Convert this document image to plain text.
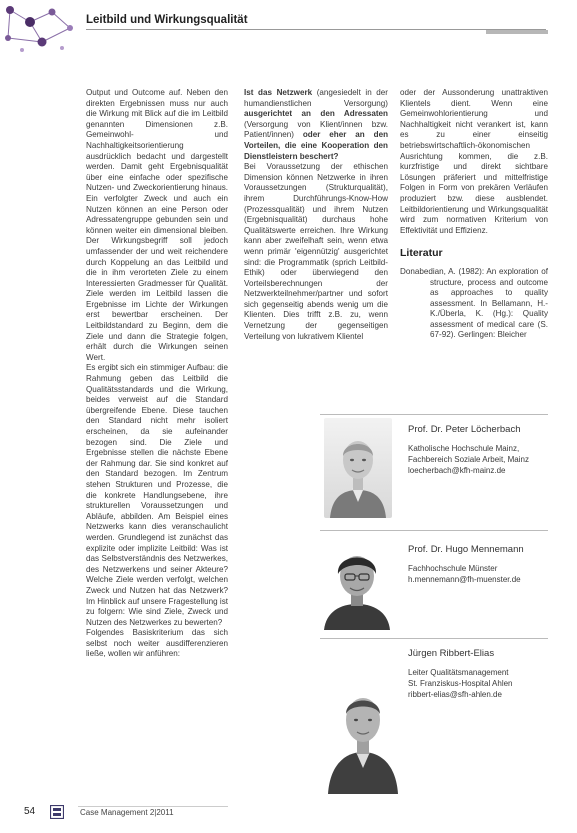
Leitbild und Wirkungsqualität

Output und Outcome auf. Neben den direkten Ergebnissen muss nur auch die Wirkung mit Blick auf die im Leitbild genannten Dimensionen z.B. Gemeinwohl- und Nachhaltigkeitsorientierung ausdrücklich bedacht und dargestellt werden. Damit geht Ergebnisqualität über eine einfache oder spezifische Nutzen- und Zweckorientierung hinaus. Ein verfolgter Zweck und auch ein Nutzen können an eine Person oder Adressatengruppe gebunden sein und können weiter ein dimensional bleiben. Der Wirkungsbegriff soll jedoch umfassender der und weit reichendere durch Koppelung an das Leitbild und die in ihm verorteten Ziele zu einem Interessierten Gradmesser für Qualität. Ziele werden im Leitbild lassen die Ergebnisse im Lichte der Wirkungen erst bewertbar erscheinen. Der Leitbildstandard zu Beginn, dem die Ziele und dann die Strategie folgen, erhält durch die Wirkungen seinen Wert.

Es ergibt sich ein stimmiger Aufbau: die Rahmung geben das Leitbild die Qualitätsstandards und die Wirkung, beides verweist auf die Standard übergreifende Ebene. Diese tauchen den Standard nicht mehr isoliert erscheinen, da sie aufeinander bezogen sind. Die Ziele und Ergebnisse stellen die nächste Ebene der Rahmung dar. Sie sind konkret auf den Standard bezogen. Im Zentrum stehen Strukturen und Prozesse, die die konkrete Handlungsebene, ihre strukturellen Voraussetzungen und Abläufe, abbilden. Am Beispiel eines Netzwerks kann dies veranschaulicht werden. Grundlegend ist zunächst das explizite oder implizite Leitbild: Was ist das Selbstverständnis des Netzwerkes, des Netzwerkens und seiner Akteure? Welche Ziele werden verfolgt, welchen Zweck und Nutzen hat das Netzwerk? Im Hinblick auf unsere Fragestellung ist zu folgern: Wie sind Ziele, Zweck und Nutzen des Netzwerkes zu bewerten?

Folgendes Basiskriterium das sich selbst noch weiter ausdifferenzieren ließe, wollen wir anführen:

Ist das Netzwerk (angesiedelt in der humandienstlichen Versorgung) ausgerichtet an den Adressaten (Versorgung von Klient/innen bzw. Patient/innen) oder eher an den Vorteilen, die eine Kooperation den Dienstleistern beschert?

Bei Voraussetzung der ethischen Dimension können Netzwerke in ihren Voraussetzungen (Strukturqualität), ihrem Durchführungs-Know-How (Prozessqualität) und ihrem Nutzen (Ergebnisqualität) durchaus hohe Qualitätswerte erreichen. Ihre Wirkung kann aber zweifelhaft sein, wenn etwa wenn primär 'eigennützig' ausgerichtet sind: die Programmatik (sprich Leitbild-Ethik) oder überwiegend den Vorteilsberechnungen der Netzwerkteilnehmer/partner und sofort sich gegenseitig abends wenig um die Klienten. Dies trifft z.B. zu, wenn Vernetzung der gegenseitigen Verteilung von lukrativem Klientel

oder der Aussonderung unattraktiven Klientels dient. Wenn eine Gemeinwohlorientierung und Nachhaltigkeit nicht verankert ist, kann es zu einer einseitig betriebswirtschaftlich-ökonomischen Ausrichtung kommen, die z.B. kurzfristige und direkt sichtbare Lösungen präferiert und mittelfristige Folgen in Form von prekären Verläufen produziert bzw. diese ausblendet. Leitbildorientierung und Wirkungsqualität wird zum normativen Kriterium von Effektivität und Effizienz.

Literatur

Donabedian, A. (1982): An exploration of structure, process and outcome as approaches to quality assessment. In Bellamann, H.-K./Überla, K. (Hg.): Quality assessment of medical care (S. 67-92). Gerlingen: Bleicher

Prof. Dr. Peter Löcherbach
Katholische Hochschule Mainz,
Fachbereich Soziale Arbeit, Mainz
loecherbach@kfh-mainz.de
Prof. Dr. Hugo Mennemann
Fachhochschule Münster
h.mennemann@fh-muenster.de
Jürgen Ribbert-Elias
Leiter Qualitätsmanagement
St. Franziskus-Hospital Ahlen
ribbert-elias@sfh-ahlen.de
54	Case Management 2|2011
